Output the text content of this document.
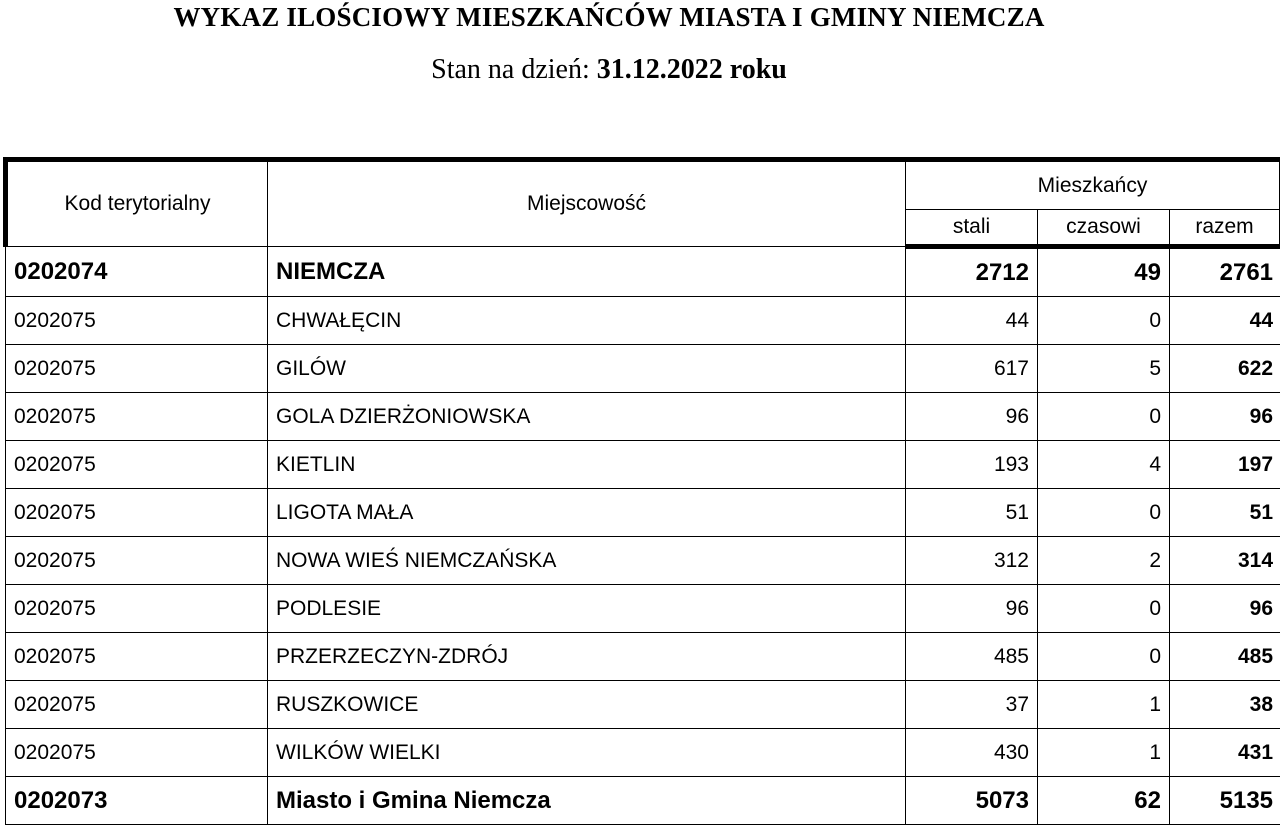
WYKAZ ILOŚCIOWY MIESZKAŃCÓW MIASTA I GMINY NIEMCZA
Stan na dzień: 31.12.2022 roku
Kod terytorialny	Miejscowość	Mieszkańcy		
		stali	czasowi	razem
0202074	NIEMCZA	2712	49	2761
0202075	CHWAŁĘCIN	44	0	44
0202075	GILÓW	617	5	622
0202075	GOLA DZIERŻONIOWSKA	96	0	96
0202075	KIETLIN	193	4	197
0202075	LIGOTA MAŁA	51	0	51
0202075	NOWA WIEŚ NIEMCZAŃSKA	312	2	314
0202075	PODLESIE	96	0	96
0202075	PRZERZECZYN-ZDRÓJ	485	0	485
0202075	RUSZKOWICE	37	1	38
0202075	WILKÓW WIELKI	430	1	431
0202073	Miasto i Gmina Niemcza	5073	62	5135
